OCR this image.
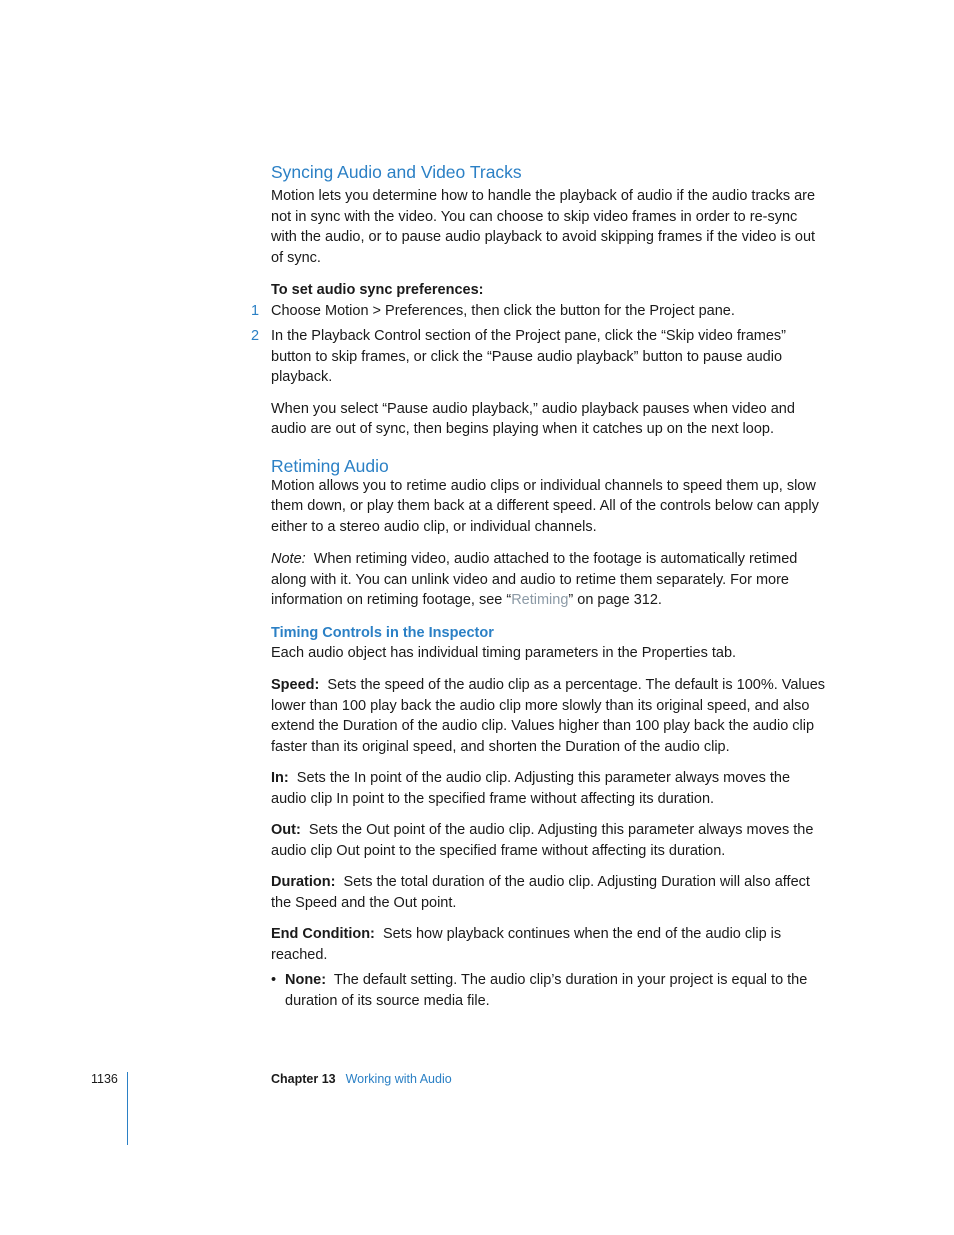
Syncing Audio and Video Tracks

Motion lets you determine how to handle the playback of audio if the audio tracks are not in sync with the video. You can choose to skip video frames in order to re-sync with the audio, or to pause audio playback to avoid skipping frames if the video is out of sync.

To set audio sync preferences:

1 Choose Motion > Preferences, then click the button for the Project pane.
2 In the Playback Control section of the Project pane, click the “Skip video frames” button to skip frames, or click the “Pause audio playback” button to pause audio playback.

When you select “Pause audio playback,” audio playback pauses when video and audio are out of sync, then begins playing when it catches up on the next loop.

Retiming Audio

Motion allows you to retime audio clips or individual channels to speed them up, slow them down, or play them back at a different speed. All of the controls below can apply either to a stereo audio clip, or individual channels.

Note: When retiming video, audio attached to the footage is automatically retimed along with it. You can unlink video and audio to retime them separately. For more information on retiming footage, see “Retiming” on page 312.

Timing Controls in the Inspector

Each audio object has individual timing parameters in the Properties tab.

Speed: Sets the speed of the audio clip as a percentage. The default is 100%. Values lower than 100 play back the audio clip more slowly than its original speed, and also extend the Duration of the audio clip. Values higher than 100 play back the audio clip faster than its original speed, and shorten the Duration of the audio clip.

In: Sets the In point of the audio clip. Adjusting this parameter always moves the audio clip In point to the specified frame without affecting its duration.

Out: Sets the Out point of the audio clip. Adjusting this parameter always moves the audio clip Out point to the specified frame without affecting its duration.

Duration: Sets the total duration of the audio clip. Adjusting Duration will also affect the Speed and the Out point.

End Condition: Sets how playback continues when the end of the audio clip is reached.

• None: The default setting. The audio clip’s duration in your project is equal to the duration of its source media file.
1136	Chapter 13 Working with Audio
